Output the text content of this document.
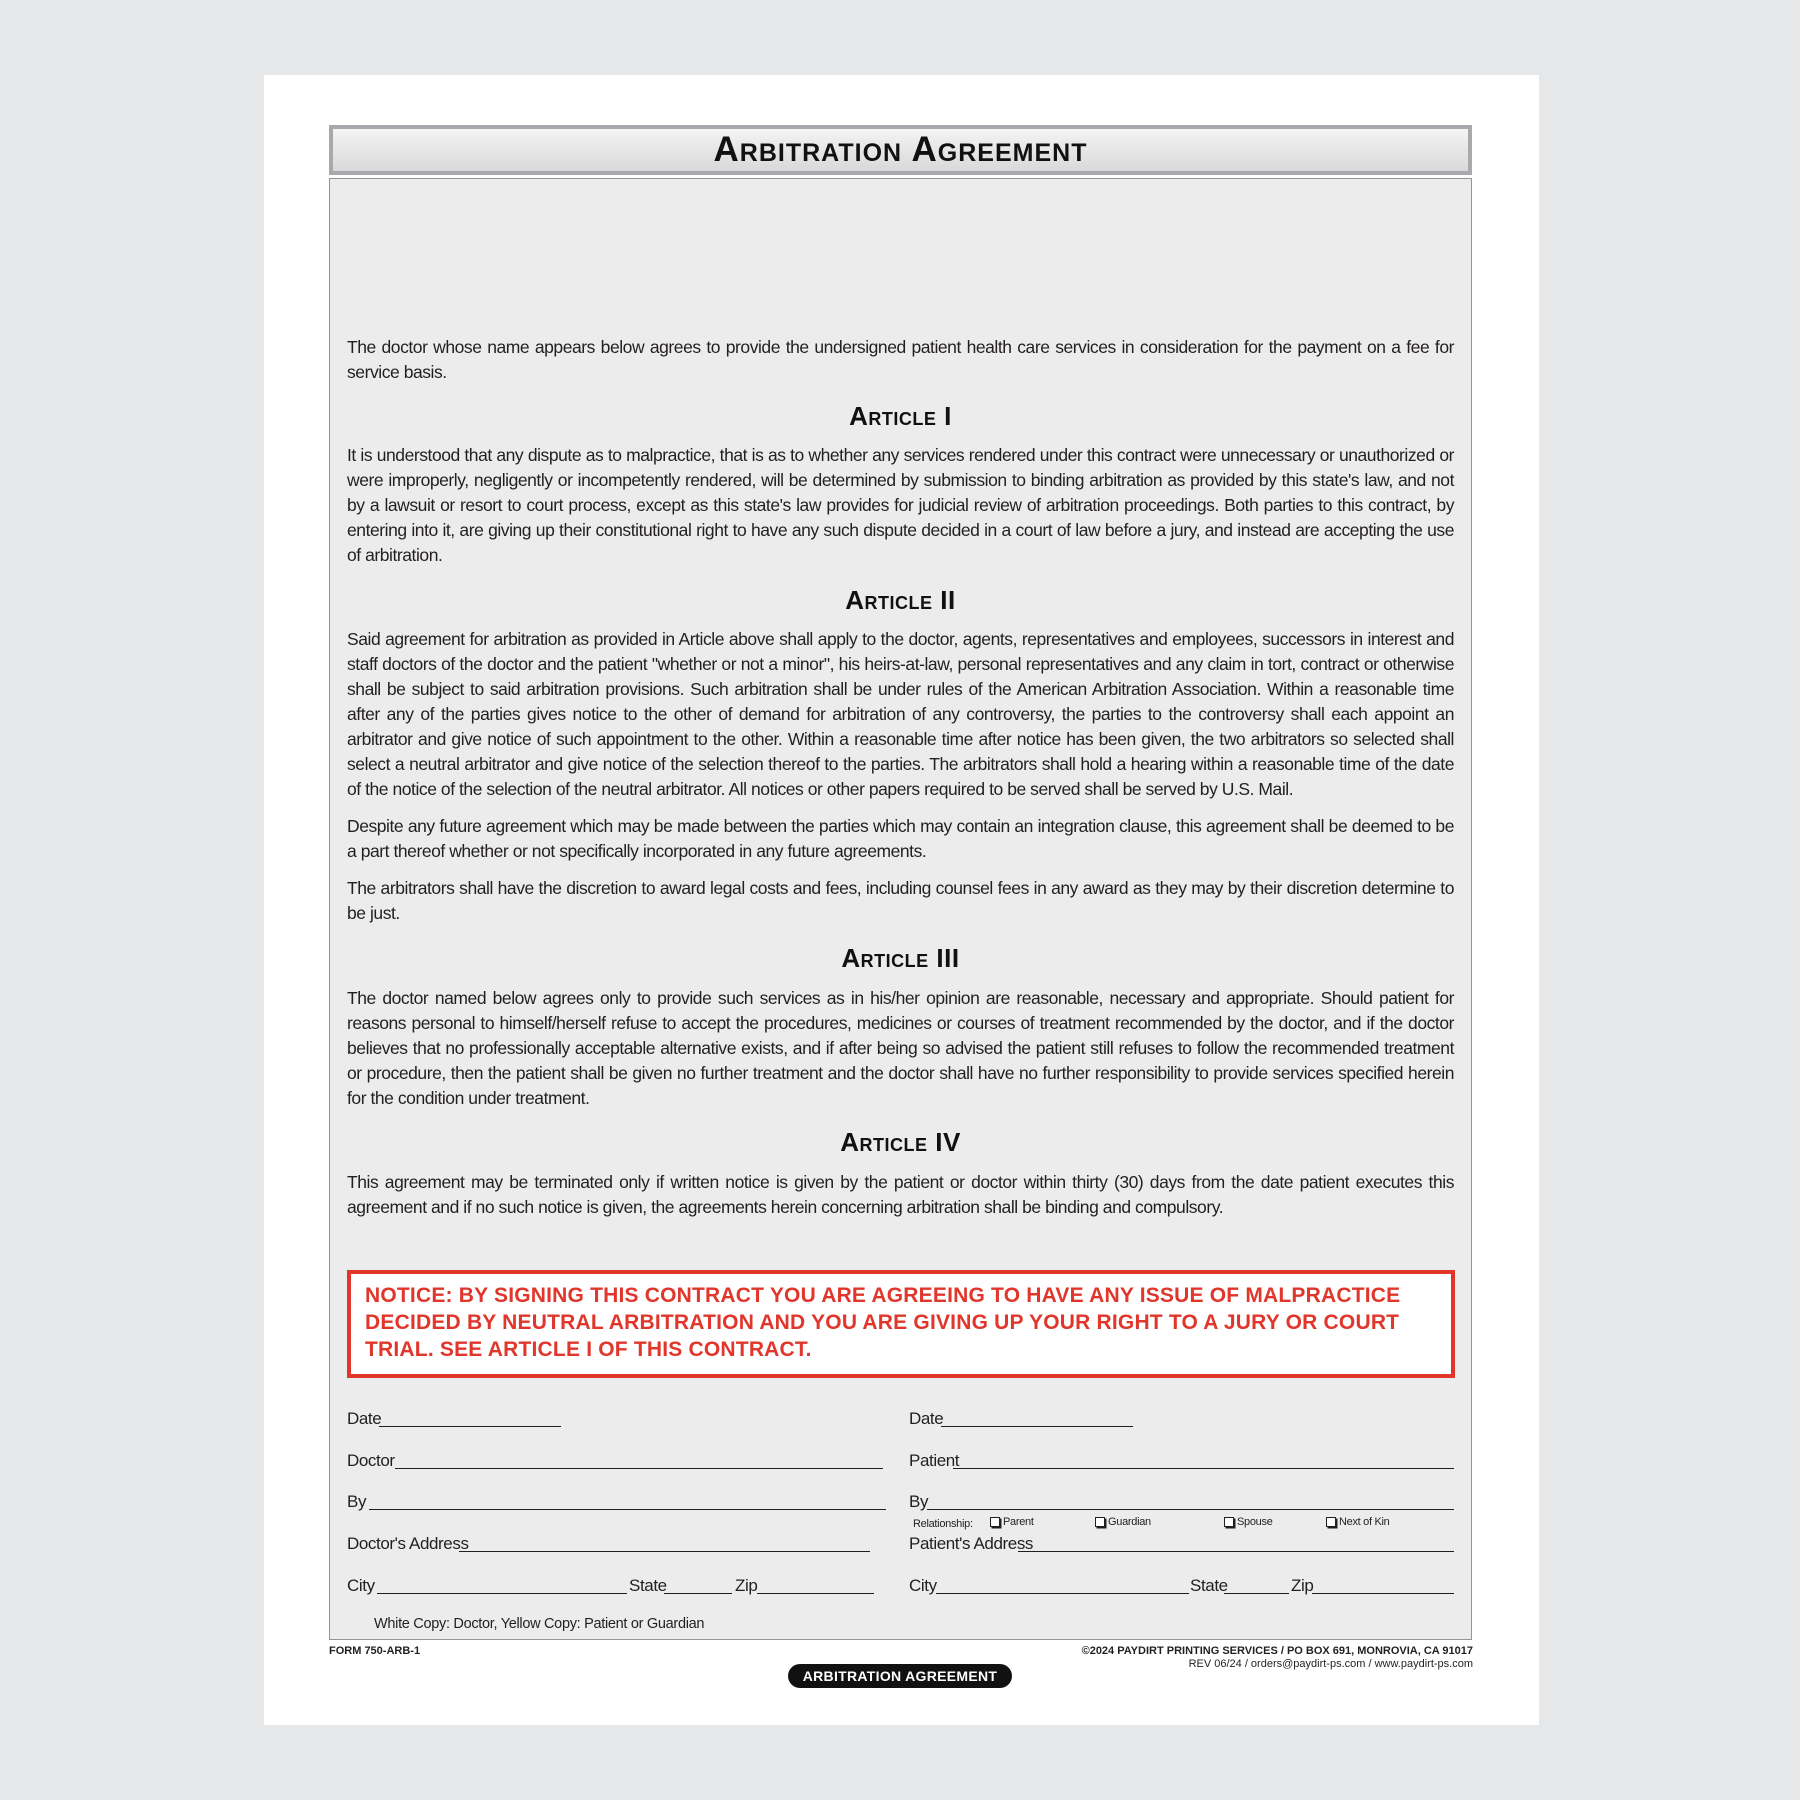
Arbitration Agreement

The doctor whose name appears below agrees to provide the undersigned patient health care services in consideration for the payment on a fee for service basis.

Article I

It is understood that any dispute as to malpractice, that is as to whether any services rendered under this contract were unnecessary or unauthorized or were improperly, negligently or incompetently rendered, will be determined by submission to binding arbitration as provided by this state's law, and not by a lawsuit or resort to court process, except as this state's law provides for judicial review of arbitration proceedings. Both parties to this contract, by entering into it, are giving up their constitutional right to have any such dispute decided in a court of law before a jury, and instead are accepting the use of arbitration.

Article II

Said agreement for arbitration as provided in Article above shall apply to the doctor, agents, representatives and employees, successors in interest and staff doctors of the doctor and the patient "whether or not a minor", his heirs-at-law, personal representatives and any claim in tort, contract or otherwise shall be subject to said arbitration provisions. Such arbitration shall be under rules of the American Arbitration Association. Within a reasonable time after any of the parties gives notice to the other of demand for arbitration of any controversy, the parties to the controversy shall each appoint an arbitrator and give notice of such appointment to the other. Within a reasonable time after notice has been given, the two arbitrators so selected shall select a neutral arbitrator and give notice of the selection thereof to the parties. The arbitrators shall hold a hearing within a reasonable time of the date of the notice of the selection of the neutral arbitrator. All notices or other papers required to be served shall be served by U.S. Mail.

Despite any future agreement which may be made between the parties which may contain an integration clause, this agreement shall be deemed to be a part thereof whether or not specifically incorporated in any future agreements.

The arbitrators shall have the discretion to award legal costs and fees, including counsel fees in any award as they may by their discretion determine to be just.

Article III

The doctor named below agrees only to provide such services as in his/her opinion are reasonable, necessary and appropriate. Should patient for reasons personal to himself/herself refuse to accept the procedures, medicines or courses of treatment recommended by the doctor, and if the doctor believes that no professionally acceptable alternative exists, and if after being so advised the patient still refuses to follow the recommended treatment or procedure, then the patient shall be given no further treatment and the doctor shall have no further responsibility to provide services specified herein for the condition under treatment.

Article IV

This agreement may be terminated only if written notice is given by the patient or doctor within thirty (30) days from the date patient executes this agreement and if no such notice is given, the agreements herein concerning arbitration shall be binding and compulsory.

NOTICE: BY SIGNING THIS CONTRACT YOU ARE AGREEING TO HAVE ANY ISSUE OF MALPRACTICE DECIDED BY NEUTRAL ARBITRATION AND YOU ARE GIVING UP YOUR RIGHT TO A JURY OR COURT TRIAL. SEE ARTICLE I OF THIS CONTRACT.
Date
Doctor
By
Doctor's Address
City	State	Zip
Date
Patient
By
Relationship:	Parent	Guardian	Spouse	Next of Kin
Patient's Address
City	State	Zip
White Copy: Doctor, Yellow Copy: Patient or Guardian
FORM 750-ARB-1	©2024 PAYDIRT PRINTING SERVICES / PO BOX 691, MONROVIA, CA 91017
REV 06/24 / orders@paydirt-ps.com / www.paydirt-ps.com
ARBITRATION AGREEMENT
